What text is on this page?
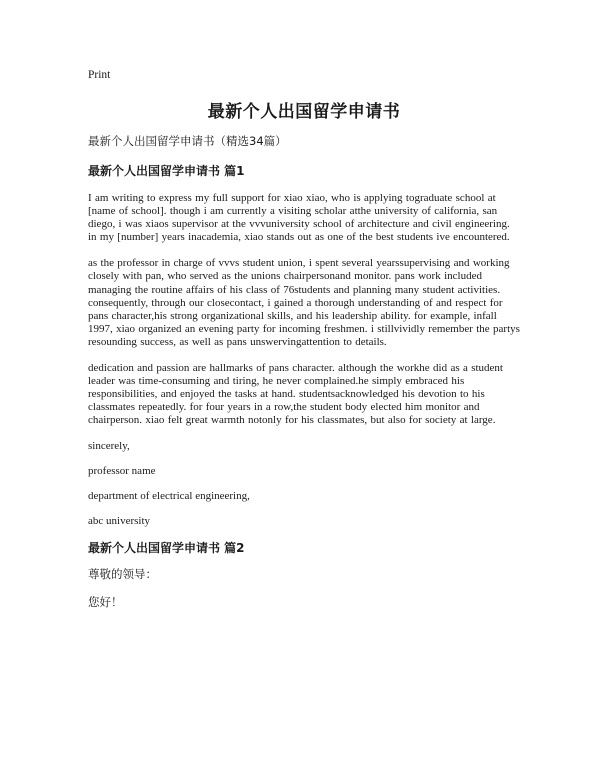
Print
最新个人出国留学申请书
最新个人出国留学申请书（精选34篇）
最新个人出国留学申请书 篇1

I am writing to express my full support for xiao xiao, who is applying tograduate school at [name of school]. though i am currently a visiting scholar atthe university of california, san diego, i was xiaos supervisor at the vvvuniversity school of architecture and civil engineering. in my [number] years inacademia, xiao stands out as one of the best students ive encountered.

as the professor in charge of vvvs student union, i spent several yearssupervising and working closely with pan, who served as the unions chairpersonand monitor. pans work included managing the routine affairs of his class of 76students and planning many student activities. consequently, through our closecontact, i gained a thorough understanding of and respect for pans character,his strong organizational skills, and his leadership ability. for example, infall 1997, xiao organized an evening party for incoming freshmen. i stillvividly remember the partys resounding success, as well as pans unswervingattention to details.

dedication and passion are hallmarks of pans character. although the workhe did as a student leader was time-consuming and tiring, he never complained.he simply embraced his responsibilities, and enjoyed the tasks at hand. studentsacknowledged his devotion to his classmates repeatedly. for four years in a row,the student body elected him monitor and chairperson. xiao felt great warmth notonly for his classmates, but also for society at large.

sincerely,

professor name

department of electrical engineering,

abc university

最新个人出国留学申请书 篇2

尊敬的领导：

您好！
